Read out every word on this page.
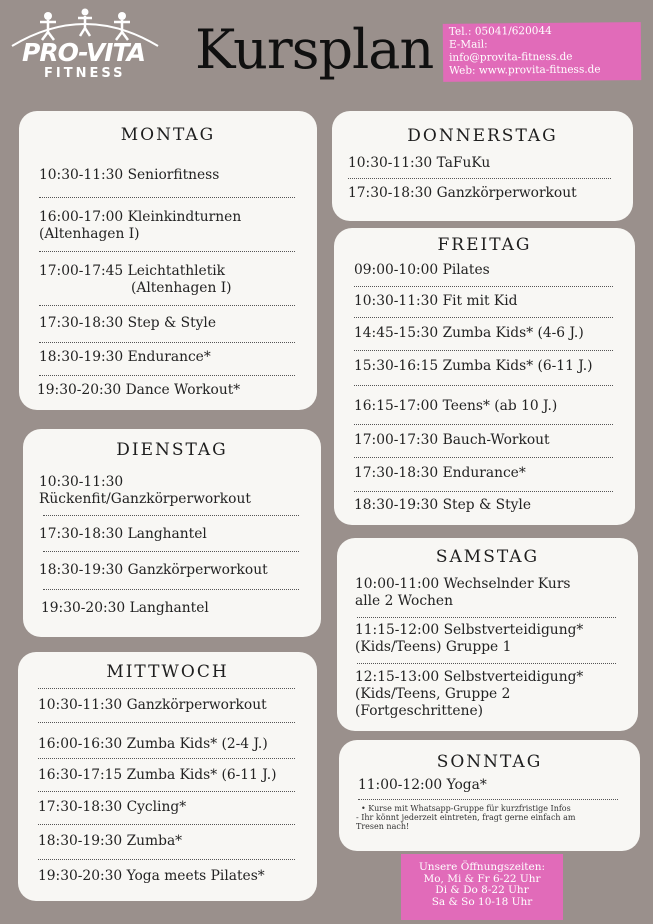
PRO-VITA
FITNESS Kursplan Tel.: 05041/620044
E-Mail:
info@provita-fitness.de
Web: www.provita-fitness.de
MONTAG
10:30-11:30 Seniorfitness
16:00-17:00 Kleinkindturnen
(Altenhagen I)
17:00-17:45 Leichtathletik
(Altenhagen I)
17:30-18:30 Step & Style
18:30-19:30 Endurance*
19:30-20:30 Dance Workout*
DIENSTAG
10:30-11:30
Rückenfit/Ganzkörperworkout
17:30-18:30 Langhantel
18:30-19:30 Ganzkörperworkout
19:30-20:30 Langhantel
MITTWOCH
10:30-11:30 Ganzkörperworkout
16:00-16:30 Zumba Kids* (2-4 J.)
16:30-17:15 Zumba Kids* (6-11 J.)
17:30-18:30 Cycling*
18:30-19:30 Zumba*
19:30-20:30 Yoga meets Pilates*
DONNERSTAG
10:30-11:30 TaFuKu
17:30-18:30 Ganzkörperworkout
FREITAG
09:00-10:00 Pilates
10:30-11:30 Fit mit Kid
14:45-15:30 Zumba Kids* (4-6 J.)
15:30-16:15 Zumba Kids* (6-11 J.)
16:15-17:00 Teens* (ab 10 J.)
17:00-17:30 Bauch-Workout
17:30-18:30 Endurance*
18:30-19:30 Step & Style
SAMSTAG
10:00-11:00 Wechselnder Kurs
alle 2 Wochen
11:15-12:00 Selbstverteidigung*
(Kids/Teens) Gruppe 1
12:15-13:00 Selbstverteidigung*
(Kids/Teens, Gruppe 2
(Fortgeschrittene)
SONNTAG
11:00-12:00 Yoga*
• Kurse mit Whatsapp-Gruppe für kurzfristige Infos
- Ihr könnt jederzeit eintreten, fragt gerne einfach am
Tresen nach!
Unsere Öffnungszeiten:
Mo, Mi & Fr 6-22 Uhr
Di & Do 8-22 Uhr
Sa & So 10-18 Uhr
